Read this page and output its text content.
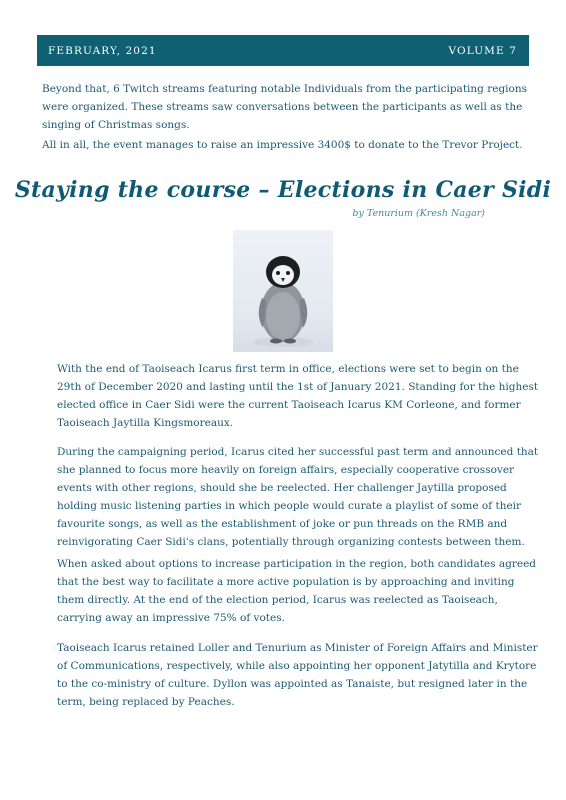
FEBRUARY, 2021	VOLUME 7

Beyond that, 6 Twitch streams featuring notable Individuals from the participating regions were organized. These streams saw conversations between the participants as well as the singing of Christmas songs.

All in all, the event manages to raise an impressive 3400$ to donate to the Trevor Project.

Staying the course – Elections in Caer Sidi
by Tenurium (Kresh Nagar)

With the end of Taoiseach Icarus first term in office, elections were set to begin on the 29th of December 2020 and lasting until the 1st of January 2021. Standing for the highest elected office in Caer Sidi were the current Taoiseach Icarus KM Corleone, and former Taoiseach Jaytilla Kingsmoreaux.

During the campaigning period, Icarus cited her successful past term and announced that she planned to focus more heavily on foreign affairs, especially cooperative crossover events with other regions, should she be reelected. Her challenger Jaytilla proposed holding music listening parties in which people would curate a playlist of some of their favourite songs, as well as the establishment of joke or pun threads on the RMB and reinvigorating Caer Sidi's clans, potentially through organizing contests between them.

When asked about options to increase participation in the region, both candidates agreed that the best way to facilitate a more active population is by approaching and inviting them directly. At the end of the election period, Icarus was reelected as Taoiseach, carrying away an impressive 75% of votes.

Taoiseach Icarus retained Loller and Tenurium as Minister of Foreign Affairs and Minister of Communications, respectively, while also appointing her opponent Jatytilla and Krytore to the co-ministry of culture. Dyllon was appointed as Tanaiste, but resigned later in the term, being replaced by Peaches.
